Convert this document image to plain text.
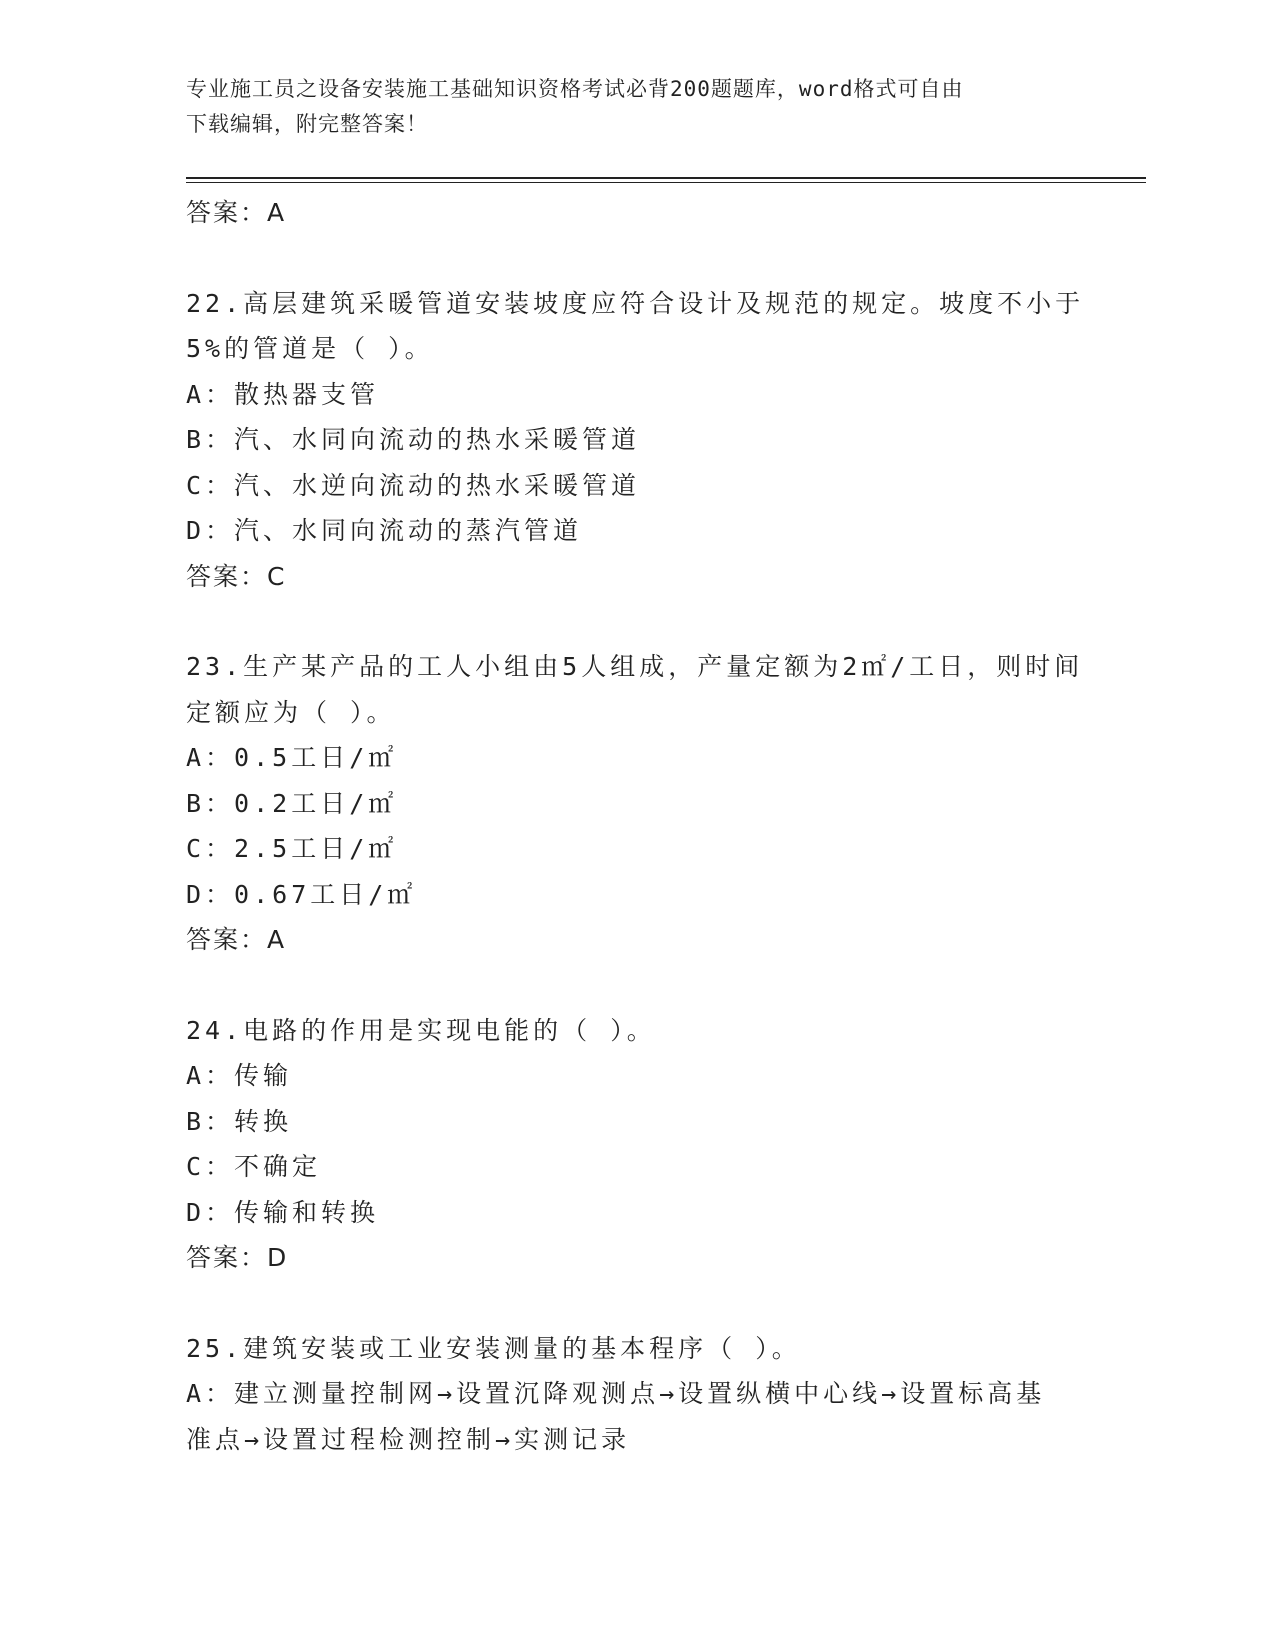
专业施工员之设备安装施工基础知识资格考试必背200题题库，word格式可自由
下载编辑，附完整答案！

答案：A

22.高层建筑采暖管道安装坡度应符合设计及规范的规定。坡度不小于

5%的管道是（ ）。

A：散热器支管

B：汽、水同向流动的热水采暖管道

C：汽、水逆向流动的热水采暖管道

D：汽、水同向流动的蒸汽管道

答案：C

23.生产某产品的工人小组由5人组成，产量定额为2㎡/工日，则时间

定额应为（ ）。

A：0.5工日/㎡

B：0.2工日/㎡

C：2.5工日/㎡

D：0.67工日/㎡

答案：A

24.电路的作用是实现电能的（ ）。

A：传输

B：转换

C：不确定

D：传输和转换

答案：D

25.建筑安装或工业安装测量的基本程序（ ）。

A：建立测量控制网→设置沉降观测点→设置纵横中心线→设置标高基

准点→设置过程检测控制→实测记录
